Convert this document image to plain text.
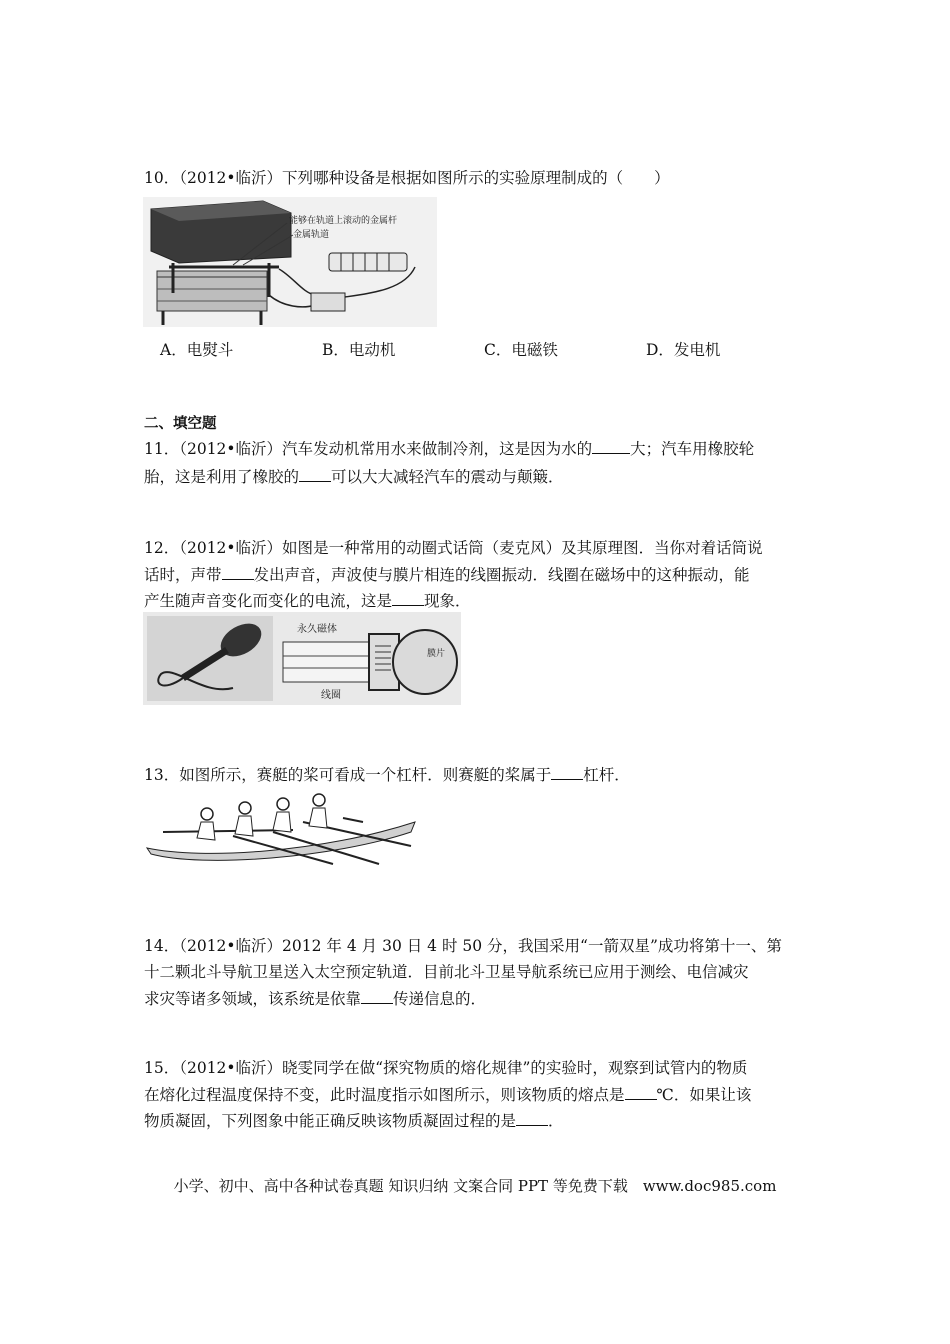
10．（2012•临沂）下列哪种设备是根据如图所示的实验原理制成的（　　）
能够在轨道上滚动的金属杆
金属轨道
A．电熨斗	B．电动机	C．电磁铁	D．发电机
二、填空题
11．（2012•临沂）汽车发动机常用水来做制冷剂，这是因为水的 大；汽车用橡胶轮
胎，这是利用了橡胶的 可以大大减轻汽车的震动与颠簸．
12．（2012•临沂）如图是一种常用的动圈式话筒（麦克风）及其原理图．当你对着话筒说
话时，声带 发出声音，声波使与膜片相连的线圈振动．线圈在磁场中的这种振动，能
产生随声音变化而变化的电流，这是 现象．
永久磁体
线圈
膜片
13．如图所示，赛艇的桨可看成一个杠杆．则赛艇的桨属于 杠杆．
14．（2012•临沂）2012 年 4 月 30 日 4 时 50 分，我国采用“一箭双星”成功将第十一、第
十二颗北斗导航卫星送入太空预定轨道．目前北斗卫星导航系统已应用于测绘、电信减灾
求灾等诸多领域，该系统是依靠 传递信息的．
15．（2012•临沂）晓雯同学在做“探究物质的熔化规律”的实验时，观察到试管内的物质
在熔化过程温度保持不变，此时温度指示如图所示，则该物质的熔点是 ℃．如果让该
物质凝固，下列图象中能正确反映该物质凝固过程的是 ．
小学、初中、高中各种试卷真题 知识归纳 文案合同 PPT 等免费下载　www.doc985.com
